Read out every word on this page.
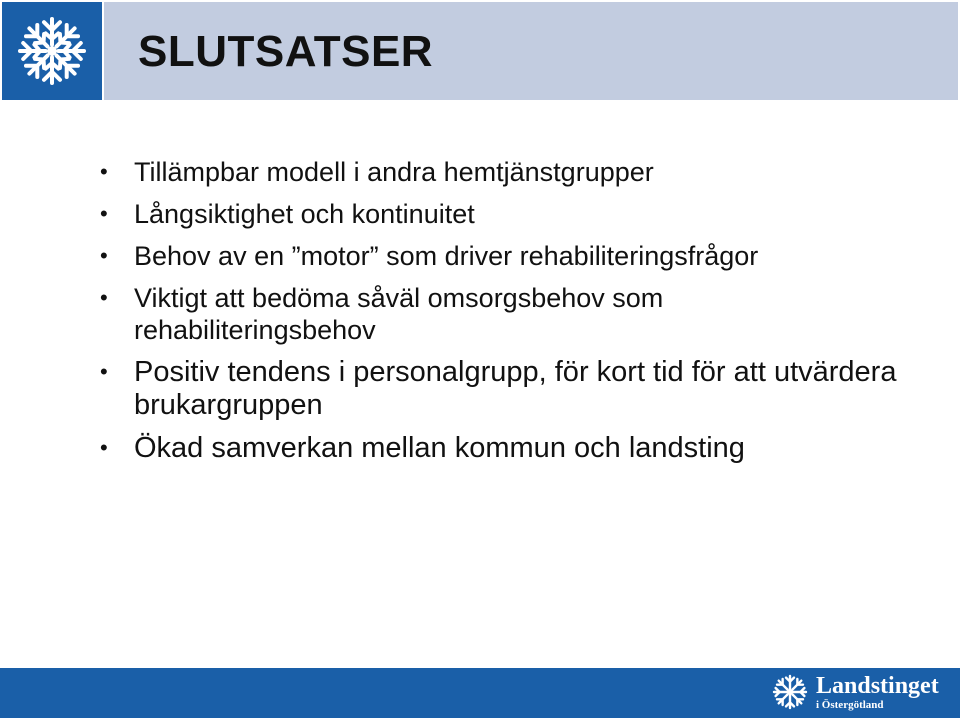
SLUTSATSER
• Tillämpbar modell i andra hemtjänstgrupper
• Långsiktighet och kontinuitet
• Behov av en ”motor” som driver rehabiliteringsfrågor
• Viktigt att bedöma såväl omsorgsbehov som rehabiliteringsbehov
• Positiv tendens i personalgrupp, för kort tid för att utvärdera brukargruppen
• Ökad samverkan mellan kommun och landsting
Landstinget
i Östergötland
